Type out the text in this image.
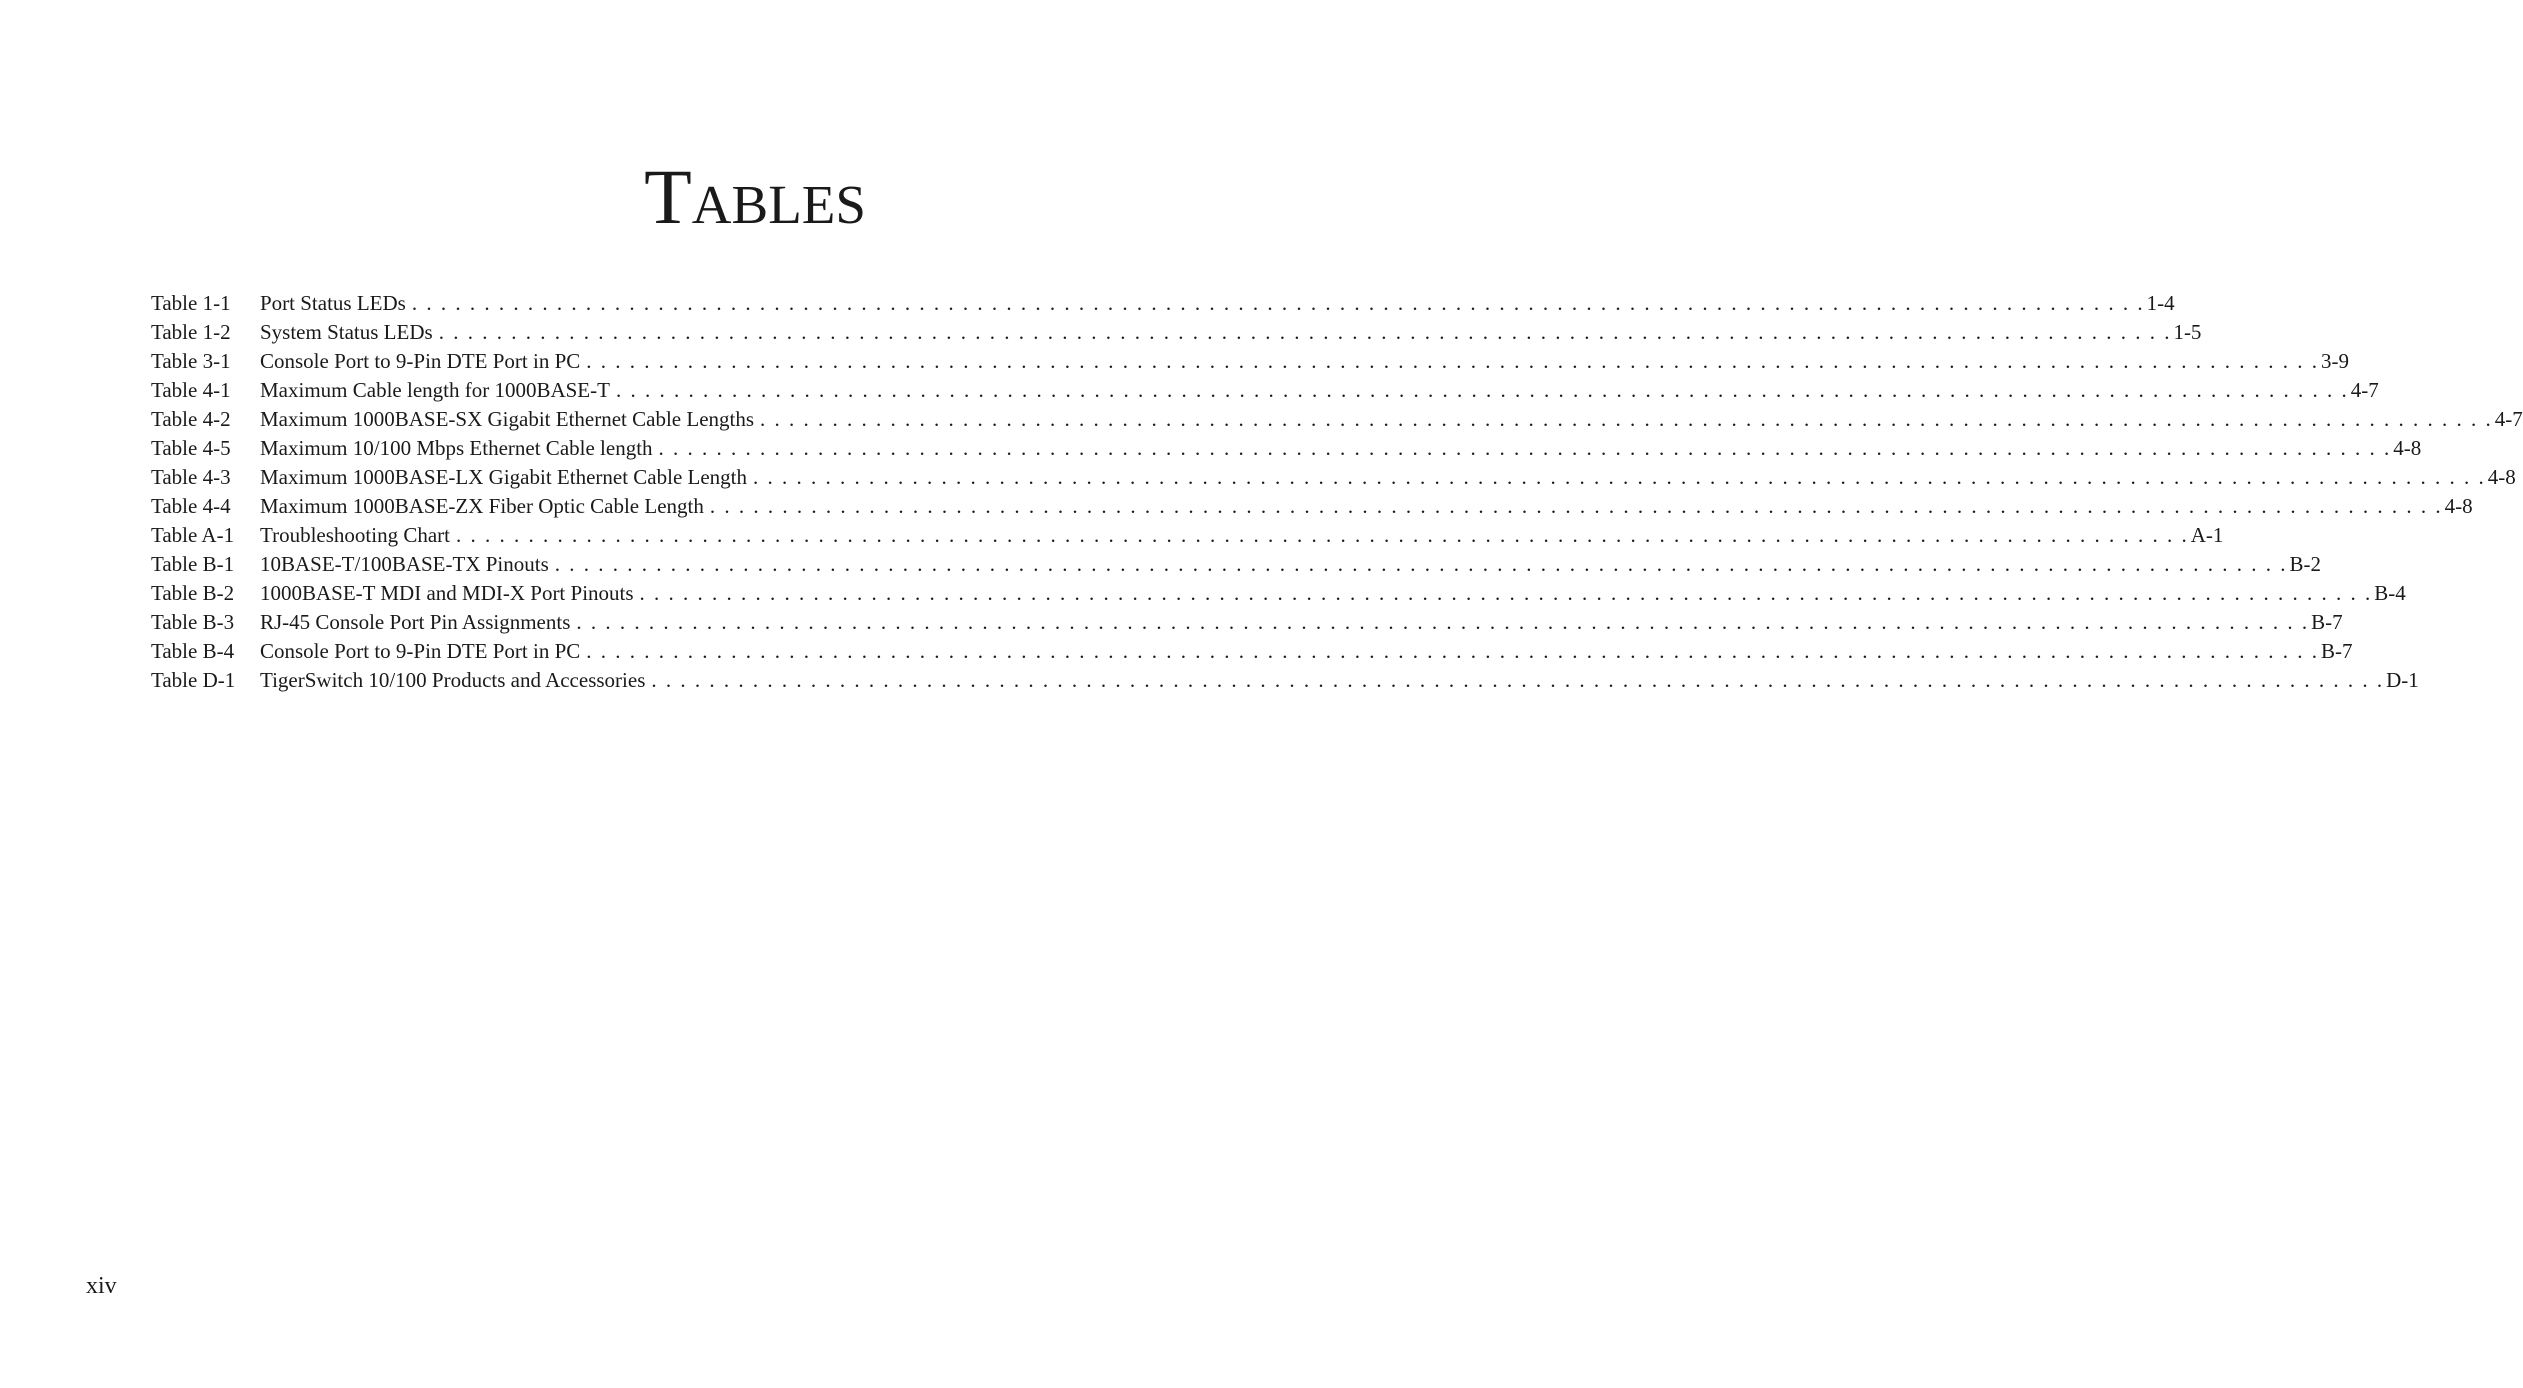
Tables
Table 1-1	Port Status LEDs . . . . . . . . . . . . . . . . . . . . . . . . . . . . . . . . . . . . . . . . . . . . . . . . . . . . . . . . . . . . . . . . . . . . . . . . . . . . . . . . . . . . . . . . . . . . . . . . . . . . . . . . . . . . . . . . . . . . . . . . 1-4
Table 1-2	System Status LEDs . . . . . . . . . . . . . . . . . . . . . . . . . . . . . . . . . . . . . . . . . . . . . . . . . . . . . . . . . . . . . . . . . . . . . . . . . . . . . . . . . . . . . . . . . . . . . . . . . . . . . . . . . . . . . . . . . . . . . . . . 1-5
Table 3-1	Console Port to 9-Pin DTE Port in PC . . . . . . . . . . . . . . . . . . . . . . . . . . . . . . . . . . . . . . . . . . . . . . . . . . . . . . . . . . . . . . . . . . . . . . . . . . . . . . . . . . . . . . . . . . . . . . . . . . . . . . . . . . . . . . . . . . . . . . . . 3-9
Table 4-1	Maximum Cable length for 1000BASE-T . . . . . . . . . . . . . . . . . . . . . . . . . . . . . . . . . . . . . . . . . . . . . . . . . . . . . . . . . . . . . . . . . . . . . . . . . . . . . . . . . . . . . . . . . . . . . . . . . . . . . . . . . . . . . . . . . . . . . . . . 4-7
Table 4-2	Maximum 1000BASE-SX Gigabit Ethernet Cable Lengths . . . . . . . . . . . . . . . . . . . . . . . . . . . . . . . . . . . . . . . . . . . . . . . . . . . . . . . . . . . . . . . . . . . . . . . . . . . . . . . . . . . . . . . . . . . . . . . . . . . . . . . . . . . . . . . . . . . . . . . . 4-7
Table 4-5	Maximum 10/100 Mbps Ethernet Cable length . . . . . . . . . . . . . . . . . . . . . . . . . . . . . . . . . . . . . . . . . . . . . . . . . . . . . . . . . . . . . . . . . . . . . . . . . . . . . . . . . . . . . . . . . . . . . . . . . . . . . . . . . . . . . . . . . . . . . . . . 4-8
Table 4-3	Maximum 1000BASE-LX Gigabit Ethernet Cable Length . . . . . . . . . . . . . . . . . . . . . . . . . . . . . . . . . . . . . . . . . . . . . . . . . . . . . . . . . . . . . . . . . . . . . . . . . . . . . . . . . . . . . . . . . . . . . . . . . . . . . . . . . . . . . . . . . . . . . . . . 4-8
Table 4-4	Maximum 1000BASE-ZX Fiber Optic Cable Length . . . . . . . . . . . . . . . . . . . . . . . . . . . . . . . . . . . . . . . . . . . . . . . . . . . . . . . . . . . . . . . . . . . . . . . . . . . . . . . . . . . . . . . . . . . . . . . . . . . . . . . . . . . . . . . . . . . . . . . . 4-8
Table A-1	Troubleshooting Chart . . . . . . . . . . . . . . . . . . . . . . . . . . . . . . . . . . . . . . . . . . . . . . . . . . . . . . . . . . . . . . . . . . . . . . . . . . . . . . . . . . . . . . . . . . . . . . . . . . . . . . . . . . . . . . . . . . . . . . . . A-1
Table B-1	10BASE-T/100BASE-TX Pinouts . . . . . . . . . . . . . . . . . . . . . . . . . . . . . . . . . . . . . . . . . . . . . . . . . . . . . . . . . . . . . . . . . . . . . . . . . . . . . . . . . . . . . . . . . . . . . . . . . . . . . . . . . . . . . . . . . . . . . . . . B-2
Table B-2	1000BASE-T MDI and MDI-X Port Pinouts . . . . . . . . . . . . . . . . . . . . . . . . . . . . . . . . . . . . . . . . . . . . . . . . . . . . . . . . . . . . . . . . . . . . . . . . . . . . . . . . . . . . . . . . . . . . . . . . . . . . . . . . . . . . . . . . . . . . . . . . B-4
Table B-3	RJ-45 Console Port Pin Assignments . . . . . . . . . . . . . . . . . . . . . . . . . . . . . . . . . . . . . . . . . . . . . . . . . . . . . . . . . . . . . . . . . . . . . . . . . . . . . . . . . . . . . . . . . . . . . . . . . . . . . . . . . . . . . . . . . . . . . . . . B-7
Table B-4	Console Port to 9-Pin DTE Port in PC . . . . . . . . . . . . . . . . . . . . . . . . . . . . . . . . . . . . . . . . . . . . . . . . . . . . . . . . . . . . . . . . . . . . . . . . . . . . . . . . . . . . . . . . . . . . . . . . . . . . . . . . . . . . . . . . . . . . . . . . B-7
Table D-1	TigerSwitch 10/100 Products and Accessories . . . . . . . . . . . . . . . . . . . . . . . . . . . . . . . . . . . . . . . . . . . . . . . . . . . . . . . . . . . . . . . . . . . . . . . . . . . . . . . . . . . . . . . . . . . . . . . . . . . . . . . . . . . . . . . . . . . . . . . . D-1
xiv
